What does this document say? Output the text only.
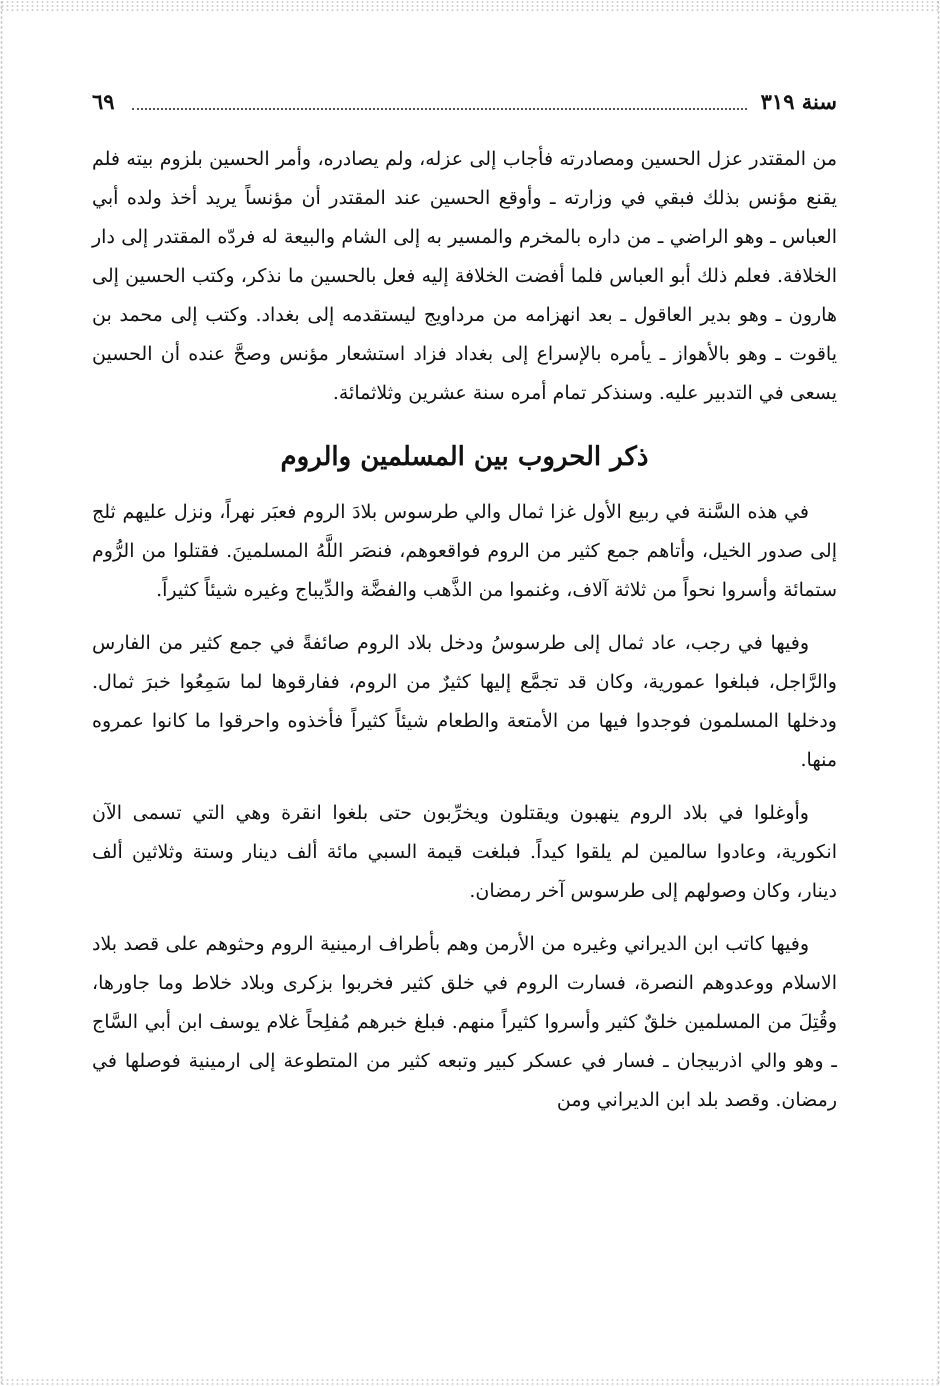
سنة ٣١٩
٦٩

من المقتدر عزل الحسين ومصادرته فأجاب إلى عزله، ولم يصادره، وأمر الحسين بلزوم بيته فلم يقنع مؤنس بذلك فبقي في وزارته ـ وأوقع الحسين عند المقتدر أن مؤنساً يريد أخذ ولده أبي العباس ـ وهو الراضي ـ من داره بالمخرم والمسير به إلى الشام والبيعة له فردّه المقتدر إلى دار الخلافة. فعلم ذلك أبو العباس فلما أفضت الخلافة إليه فعل بالحسين ما نذكر، وكتب الحسين إلى هارون ـ وهو بدير العاقول ـ بعد انهزامه من مرداويج ليستقدمه إلى بغداد. وكتب إلى محمد بن ياقوت ـ وهو بالأهواز ـ يأمره بالإسراع إلى بغداد فزاد استشعار مؤنس وصحَّ عنده أن الحسين يسعى في التدبير عليه. وسنذكر تمام أمره سنة عشرين وثلاثمائة.

ذكر الحروب بين المسلمين والروم

في هذه السَّنة في ربيع الأول غزا ثمال والي طرسوس بلادَ الروم فعبَر نهراً، ونزل عليهم ثلج إلى صدور الخيل، وأتاهم جمع كثير من الروم فواقعوهم، فنصَر اللَّهُ المسلمينَ. فقتلوا من الرُّوم ستمائة وأسروا نحواً من ثلاثة آلاف، وغنموا من الذَّهب والفضَّة والدِّيباج وغيره شيئاً كثيراً.

وفيها في رجب، عاد ثمال إلى طرسوسُ ودخل بلاد الروم صائفةً في جمع كثير من الفارس والرَّاجل، فبلغوا عمورية، وكان قد تجمَّع إليها كثيرٌ من الروم، ففارقوها لما سَمِعُوا خبرَ ثمال. ودخلها المسلمون فوجدوا فيها من الأمتعة والطعام شيئاً كثيراً فأخذوه واحرقوا ما كانوا عمروه منها.

وأوغلوا في بلاد الروم ينهبون ويقتلون ويخرِّبون حتى بلغوا انقرة وهي التي تسمى الآن انكورية، وعادوا سالمين لم يلقوا كيداً. فبلغت قيمة السبي مائة ألف دينار وستة وثلاثين ألف دينار، وكان وصولهم إلى طرسوس آخر رمضان.

وفيها كاتب ابن الديراني وغيره من الأرمن وهم بأطراف ارمينية الروم وحثوهم على قصد بلاد الاسلام ووعدوهم النصرة، فسارت الروم في خلق كثير فخربوا بزكرى وبلاد خلاط وما جاورها، وقُتِلَ من المسلمين خلقٌ كثير وأسروا كثيراً منهم. فبلغ خبرهم مُفلِحاً غلام يوسف ابن أبي السَّاج ـ وهو والي اذربيجان ـ فسار في عسكر كبير وتبعه كثير من المتطوعة إلى ارمينية فوصلها في رمضان. وقصد بلد ابن الديراني ومن
